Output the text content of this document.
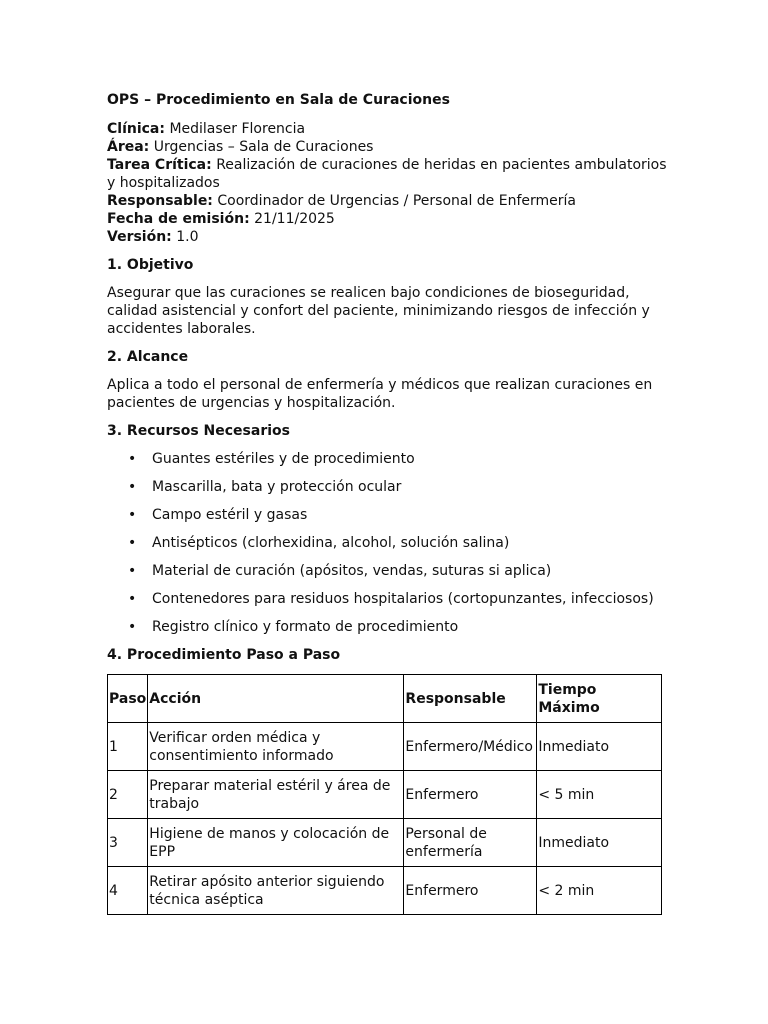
OPS – Procedimiento en Sala de Curaciones

Clínica: Medilaser Florencia

Área: Urgencias – Sala de Curaciones

Tarea Crítica: Realización de curaciones de heridas en pacientes ambulatorios y hospitalizados

Responsable: Coordinador de Urgencias / Personal de Enfermería

Fecha de emisión: 21/11/2025

Versión: 1.0

1. Objetivo

Asegurar que las curaciones se realicen bajo condiciones de bioseguridad, calidad asistencial y confort del paciente, minimizando riesgos de infección y accidentes laborales.

2. Alcance

Aplica a todo el personal de enfermería y médicos que realizan curaciones en pacientes de urgencias y hospitalización.

3. Recursos Necesarios
• Guantes estériles y de procedimiento
• Mascarilla, bata y protección ocular
• Campo estéril y gasas
• Antisépticos (clorhexidina, alcohol, solución salina)
• Material de curación (apósitos, vendas, suturas si aplica)
• Contenedores para residuos hospitalarios (cortopunzantes, infecciosos)
• Registro clínico y formato de procedimiento
4. Procedimiento Paso a Paso
Paso	Acción	Responsable	Tiempo Máximo
1	Verificar orden médica y consentimiento informado	Enfermero/Médico	Inmediato
2	Preparar material estéril y área de trabajo	Enfermero	< 5 min
3	Higiene de manos y colocación de EPP	Personal de enfermería	Inmediato
4	Retirar apósito anterior siguiendo técnica aséptica	Enfermero	< 2 min
